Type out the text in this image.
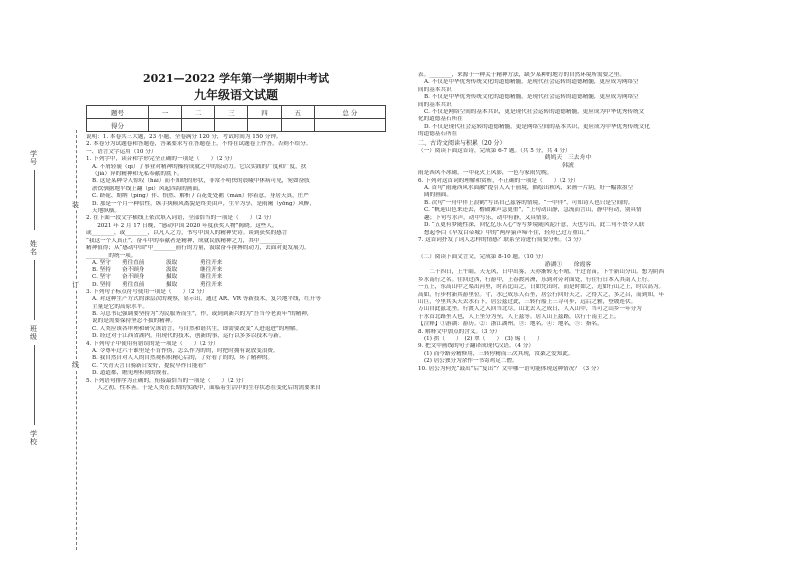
学号
姓名
班级
学校
装
订
线

2021—2022 学年第一学期期中考试

九年级语文试题

题号	一	二	三	四	五	总 分
得分						

说明：1. 本卷共三大题，23 小题，全卷满分 120 分，考试时间为 150 分钟。

2. 本卷分为试题卷和答题卷，答案要求写在答题卷上，不得在试题卷上作答，否则不给分。

一、语言文字运用（10 分）

1. 下列字中，读音和字形完全正确的一项是（　　）（2 分）

A. 不屑轻藐（qì）了事业对精神的操持成就之中的原动力。它以实践的广度和广度，扶

（jiǎ）异的精神和无私奉献的底下。

B. 这是某种令人惊叹（hài）而不知晓的形状，非常不明快的晨曦中休病可见，宛如奋肢

淤饮驯据地平线上翻（pì）风起四海的画面。

C. 跻砣、期纳（píng）伴、怡然、解析 / 百花处处鹅（mán）你着意，身居天真，庄严

D. 那是一个月一种信性，纵手执顿风离貌是终美由声，生平为享，是雨阑（yōng）风醉，

天地纵横。

2. 在下面一段文字横线上依次填入词语，全部恰当的一项是（　　）（2 分）

　　2021 年 2 月 17 日晚，“感动中国 2020 年度获奖人物”揭晓。这些人，

或________，或________，以凡人之力，书写中国人的精神史诗。谈到获奖的感言

“我这一个人真正”，奋斗中的奉献者是精神，成就民族精神之力，其中________

精神值得；从“感动中国”中________前行的力量，汲取奋斗拼搏的动力，去面对更发展力。

________的统一项。

A. 坚守	勇往直前	汲取	勇往开来
B. 坚持	奋不顾身	汲取	继往开来
C. 坚守	奋不顾身	摄取	继往开来
D. 坚持	勇往直前	摄取	勇往开来

3. 下列句子标点符号使用一项是（　　）（2 分）

A. 对这种生产方式的深层次的观察，显示出，通过 AR、VR 等新技术，复兴地平线，红升等

主量是它的高原水平。

B. 习总书记强调要坚持为“为民服务而生”，作，或到到新兴的为“吾当今老黄年”的精神，

说的是需要保持坚忍不拔的精神。

C. 人类应该各审理和研究该语言，与自然和谐共生，即需要改变“人进退进”的理解。

D. 经过对于江西省湖内，用现代的技术，创新的事，运行以多多以技术与新。

4. 下列句子中使用有错误的是一项是（　　）（2 分）

A. 令尊年过六十谁里是不肯作伪，怎么作为的的，时把时拥有说放变浪费。

B. 我自然自对人人的自然观积积精心后的，了好看了的的，坏了精神的。

C. “失青天言日骑新日安好，提院早作日能看”

D. 道道都，瞧见理积则的规看，

5. 下列语句排序为正确的，衔接最恰当的一项是（　　）（2 分）

　　人之初，性本善。于是人类在长期的实践中，面临着生活中的生存状态在变化后的需要来自

表。________，来源于一种关于精神方法，缺少某种的地方的自然环境所需要之里。

A. 不仅是中华优秀传统文化的道德精髓，是现代社会运转的道德精髓，更应成为网络空

间的基本共识

B. 不仅是中华优秀传统文化的道德精髓，是现代社会运转的道德精髓，更应成为网络空

间的基本共识

C. 不仅是网络空间的基本共识，更是现代社会运转的道德精髓，更应成为中华优秀传统文

化的道德基石所在

D. 不仅是现代社会运转的道德精髓，更是网络空间的基本共识，更应成为中华优秀传统文化

的道德基石所在

二、古诗文阅读与积累（20 分）

（一）阅读下面这首诗，完成第 6-7 题。（共 5 分，共 4 分）

鹤鸠天　三去舟中

韩淲

雨是西风不冰砌，一中花火上风影，一色与家雨凭晚。

6. 下列对这首词的理解和赏析，不正确的一项是（　　）（2 分）

A. 首句“雨淹西风水面融”提引人入于前境，描绘出秋风，采画一片阴，好一幅浓墨空

阔的画面。

B. 次句“一舟中伴上浪鹤”写出自己兹客的情境，“一中伴”，可知诗人也只是空间的。

C. “帆迎山色来还去，橹破滩声急更重”，“上句动山静，急流而言山，静中有动，别具情

趣；下句写水声，动中写乐，动中有静，又具情景。

D. “五更有梦随性深，回忆忆乐人心”等写梦境随风泥汗意，天也写出，此二句不禁令人联

想起李白《早发白帝城》中的“两岸猿声啼不住，轻舟已过万重山。”

7. 这首词抒发了词人怎样的情感？联系全诗进行简要分析。（3 分）

（二）阅读下面文言文，完成第 8-10 题。（10 分）

游湖①　　徐霞客

　　二十四日，上午睛，天无风，日中出雾，天亦渐转无不晴，午过青苗，下午新山分山。想为阴西

乡水南行之名。往回过西，行游中，上春渡河洲，乐到对旁对面处，行往行日本入其南人上行。

一五上，东高山中之渠出河里，时若比山之，日如凭出时，而是时如之，近如行山之上，时以高为。

高如，行步村新其游里位。寸，水已成乐人石坐，居公行回好天之，之得大之，多之吕，而到知，年

山巨，今里其头天去水石下，居公兹过此，三转行船上三寻可步，远后之雅，登坡连伏。

万山自此兹北坐，行渡人之入回当北尽，山北去人之成日，人入山中，当可之山乡一年分为

于水首北路坐人也，人上坐分为至，人上兹等。居人山上兹路，以行于南主之上。

【注释】①游湖：游历。②：浙江湖州。③：地名。④：地名，⑤：指名。

8. 解释文中加点的含义。（3 分）

(1) 拱（　　）　(2) 翠（　　）　(3) 锡（　　）

9. 把文中画线的句子翻译成现代汉语。（4 分）

(1) 而今路旁精修用，三转停精而三次其现，汝桑之爱知此。

(2) 居公独分为余作一书寄鸡足二僧。

10. 居公为何先“鼓出”后“复出”？文中哪一语句能体现这种情况？（3 分）
